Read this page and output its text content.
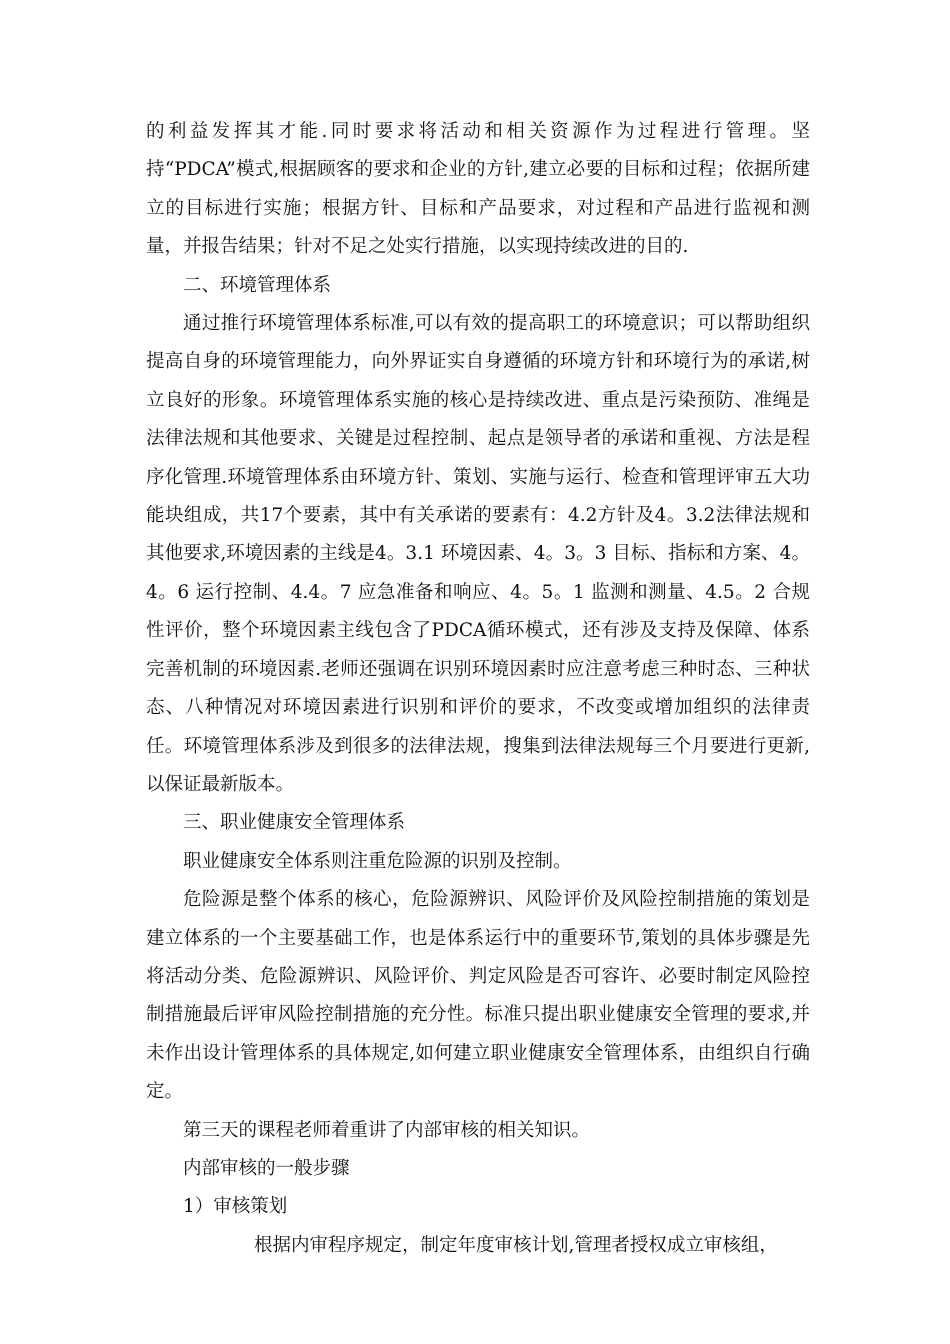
的利益发挥其才能.同时要求将活动和相关资源作为过程进行管理。坚持“PDCA”模式,根据顾客的要求和企业的方针,建立必要的目标和过程；依据所建立的目标进行实施；根据方针、目标和产品要求，对过程和产品进行监视和测量，并报告结果；针对不足之处实行措施，以实现持续改进的目的.

二、环境管理体系

通过推行环境管理体系标准,可以有效的提高职工的环境意识；可以帮助组织提高自身的环境管理能力，向外界证实自身遵循的环境方针和环境行为的承诺,树立良好的形象。环境管理体系实施的核心是持续改进、重点是污染预防、准绳是法律法规和其他要求、关键是过程控制、起点是领导者的承诺和重视、方法是程序化管理.环境管理体系由环境方针、策划、实施与运行、检查和管理评审五大功能块组成，共17个要素，其中有关承诺的要素有：4.2方针及4。3.2法律法规和其他要求,环境因素的主线是4。3.1 环境因素、4。3。3 目标、指标和方案、4。4。6 运行控制、4.4。7 应急准备和响应、4。5。1 监测和测量、4.5。2 合规性评价，整个环境因素主线包含了PDCA循环模式，还有涉及支持及保障、体系完善机制的环境因素.老师还强调在识别环境因素时应注意考虑三种时态、三种状态、八种情况对环境因素进行识别和评价的要求，不改变或增加组织的法律责任。环境管理体系涉及到很多的法律法规，搜集到法律法规每三个月要进行更新,以保证最新版本。

三、职业健康安全管理体系

职业健康安全体系则注重危险源的识别及控制。

危险源是整个体系的核心，危险源辨识、风险评价及风险控制措施的策划是建立体系的一个主要基础工作，也是体系运行中的重要环节,策划的具体步骤是先将活动分类、危险源辨识、风险评价、判定风险是否可容许、必要时制定风险控制措施最后评审风险控制措施的充分性。标准只提出职业健康安全管理的要求,并未作出设计管理体系的具体规定,如何建立职业健康安全管理体系，由组织自行确定。

第三天的课程老师着重讲了内部审核的相关知识。

内部审核的一般步骤

1）审核策划

根据内审程序规定，制定年度审核计划,管理者授权成立审核组，
